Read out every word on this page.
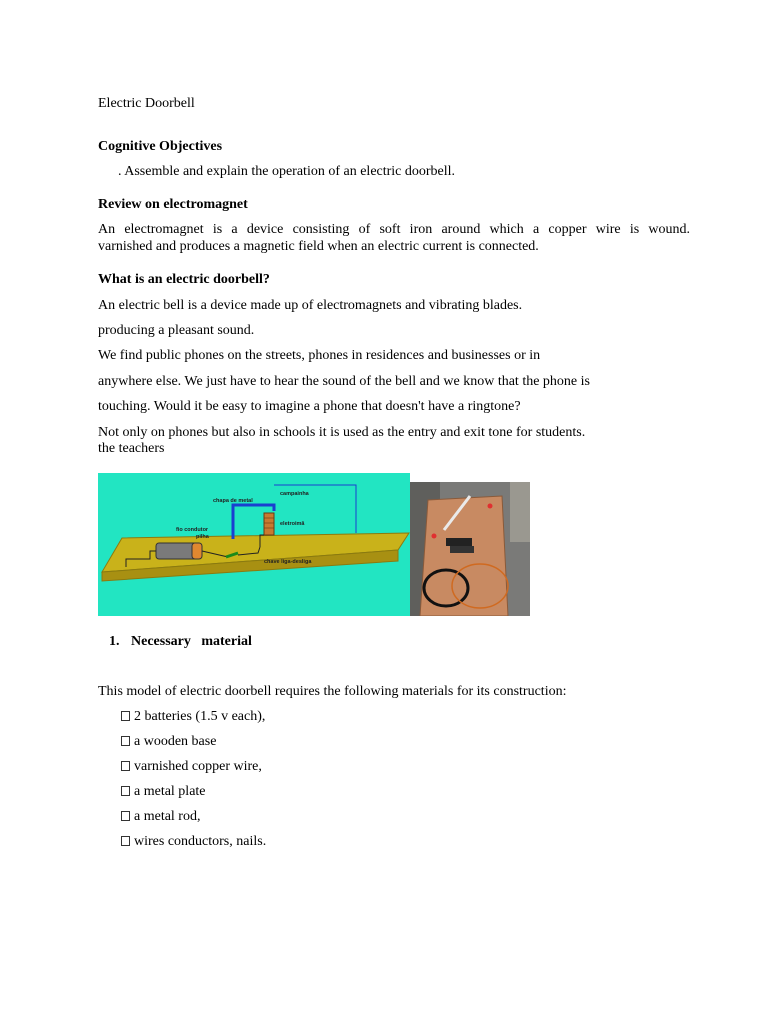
Electric Doorbell
Cognitive Objectives
. Assemble and explain the operation of an electric doorbell.
Review on electromagnet
An electromagnet is a device consisting of soft iron around which a copper wire is wound.
varnished and produces a magnetic field when an electric current is connected.
What is an electric doorbell?
An electric bell is a device made up of electromagnets and vibrating blades.
producing a pleasant sound.
We find public phones on the streets, phones in residences and businesses or in
anywhere else. We just have to hear the sound of the bell and we know that the phone is
touching. Would it be easy to imagine a phone that doesn't have a ringtone?
Not only on phones but also in schools it is used as the entry and exit tone for students.
the teachers
chapa de metal
campainha
eletroimã
fio condutor
pilha
chave liga-desliga
1. Necessary   material
This model of electric doorbell requires the following materials for its construction:
2 batteries (1.5 v each),
a wooden base
varnished copper wire,
a metal plate
a metal rod,
wires conductors, nails.
